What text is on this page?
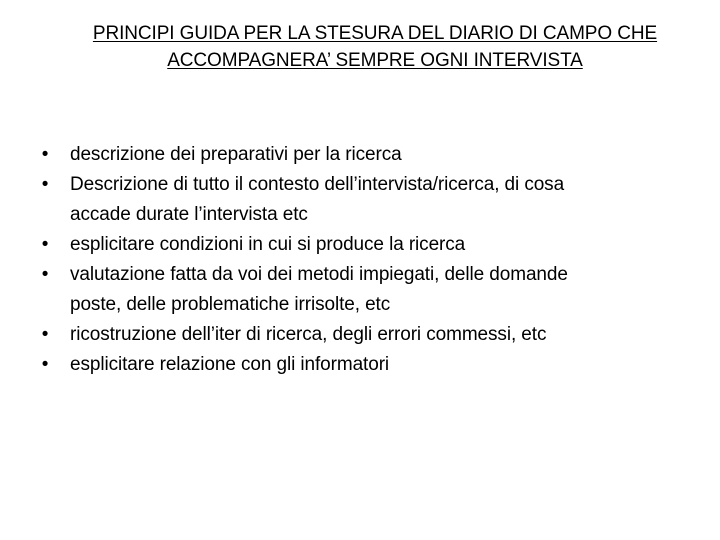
PRINCIPI GUIDA PER LA STESURA DEL DIARIO DI CAMPO CHE
ACCOMPAGNERA’ SEMPRE OGNI INTERVISTA
• descrizione dei preparativi per la ricerca
• Descrizione di tutto il contesto dell’intervista/ricerca, di cosa
accade durate l’intervista etc
• esplicitare condizioni in cui si produce la ricerca
• valutazione fatta da voi dei metodi impiegati, delle domande
poste, delle problematiche irrisolte, etc
• ricostruzione dell’iter di ricerca, degli errori commessi, etc
• esplicitare relazione con gli informatori
